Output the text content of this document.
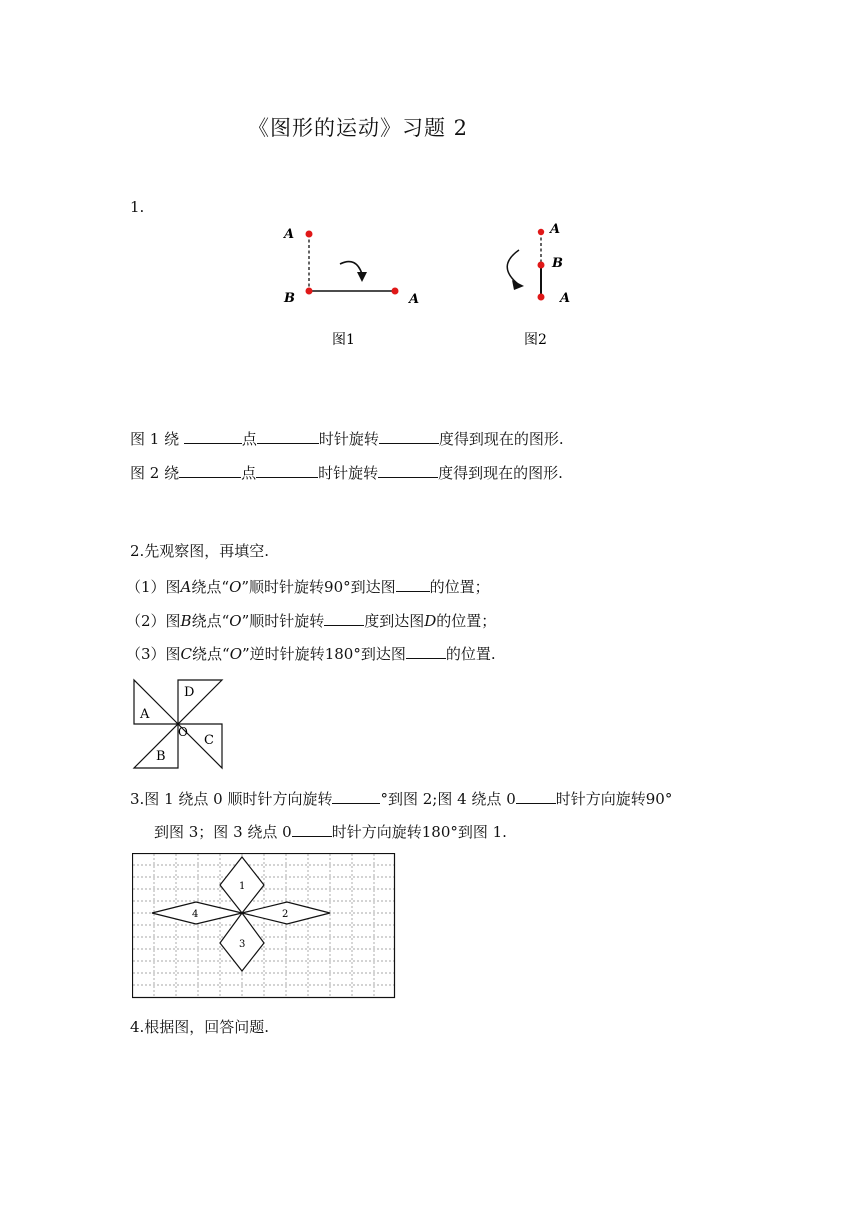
《图形的运动》习题 2
1.
A
B	A
图1
A
B
A
图2
图 1 绕	点	时针旋转	度得到现在的图形.
图 2 绕	点	时针旋转	度得到现在的图形.
2.先观察图，再填空.
（1）图A绕点“O”顺时针旋转90°到达图 的位置；
（2）图B绕点“O”顺时针旋转	度到达图D的位置；
（3）图C绕点“O”逆时针旋转180°到达图	的位置.
A
D
C
B
O
3.图 1 绕点 0 顺时针方向旋转	°到图 2;图 4 绕点 0	时针方向旋转90°
到图 3；图 3 绕点 0	时针方向旋转180°到图 1.
1
2
3
4
4.根据图，回答问题.
